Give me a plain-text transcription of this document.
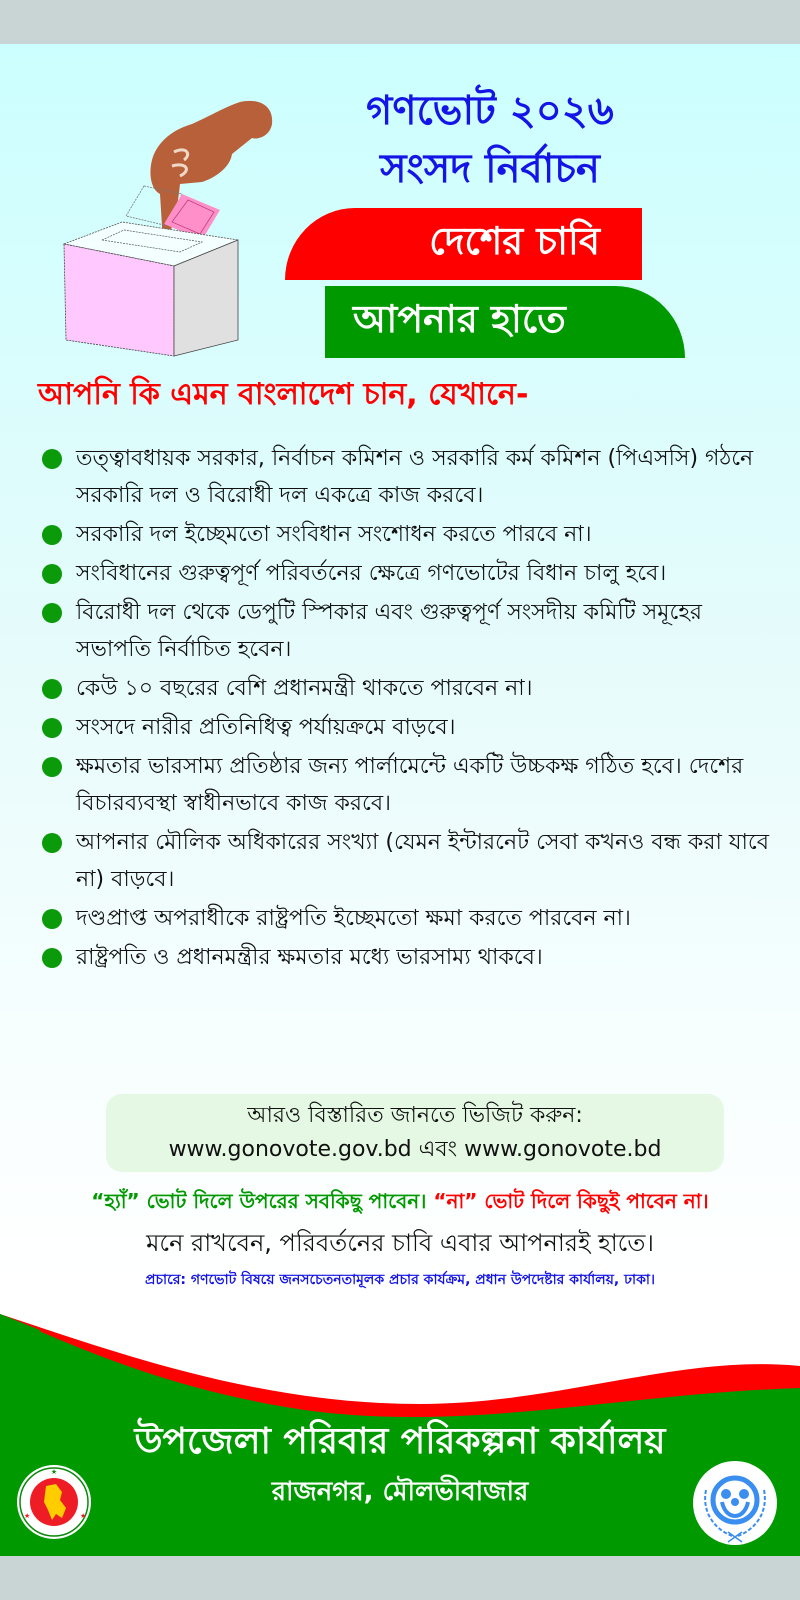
গণভোট ২০২৬
সংসদ নির্বাচন
দেশের চাবি
আপনার হাতে
আপনি কি এমন বাংলাদেশ চান, যেখানে-
তত্ত্বাবধায়ক সরকার, নির্বাচন কমিশন ও সরকারি কর্ম কমিশন (পিএসসি) গঠনে সরকারি দল ও বিরোধী দল একত্রে কাজ করবে।
সরকারি দল ইচ্ছেমতো সংবিধান সংশোধন করতে পারবে না।
সংবিধানের গুরুত্বপূর্ণ পরিবর্তনের ক্ষেত্রে গণভোটের বিধান চালু হবে।
বিরোধী দল থেকে ডেপুটি স্পিকার এবং গুরুত্বপূর্ণ সংসদীয় কমিটি সমূহের সভাপতি নির্বাচিত হবেন।
কেউ ১০ বছরের বেশি প্রধানমন্ত্রী থাকতে পারবেন না।
সংসদে নারীর প্রতিনিধিত্ব পর্যায়ক্রমে বাড়বে।
ক্ষমতার ভারসাম্য প্রতিষ্ঠার জন্য পার্লামেন্টে একটি উচ্চকক্ষ গঠিত হবে। দেশের বিচারব্যবস্থা স্বাধীনভাবে কাজ করবে।
আপনার মৌলিক অধিকারের সংখ্যা (যেমন ইন্টারনেট সেবা কখনও বন্ধ করা যাবে না) বাড়বে।
দণ্ডপ্রাপ্ত অপরাধীকে রাষ্ট্রপতি ইচ্ছেমতো ক্ষমা করতে পারবেন না।
রাষ্ট্রপতি ও প্রধানমন্ত্রীর ক্ষমতার মধ্যে ভারসাম্য থাকবে।
আরও বিস্তারিত জানতে ভিজিট করুন:
www.gonovote.gov.bd এবং www.gonovote.bd
“হ্যাঁ” ভোট দিলে উপরের সবকিছু পাবেন। “না” ভোট দিলে কিছুই পাবেন না।
মনে রাখবেন, পরিবর্তনের চাবি এবার আপনারই হাতে।
প্রচারে: গণভোট বিষয়ে জনসচেতনতামূলক প্রচার কার্যক্রম, প্রধান উপদেষ্টার কার্যালয়, ঢাকা।
প্রচারে:
উপজেলা পরিবার পরিকল্পনা কার্যালয়
রাজনগর, মৌলভীবাজার
★
★	★
